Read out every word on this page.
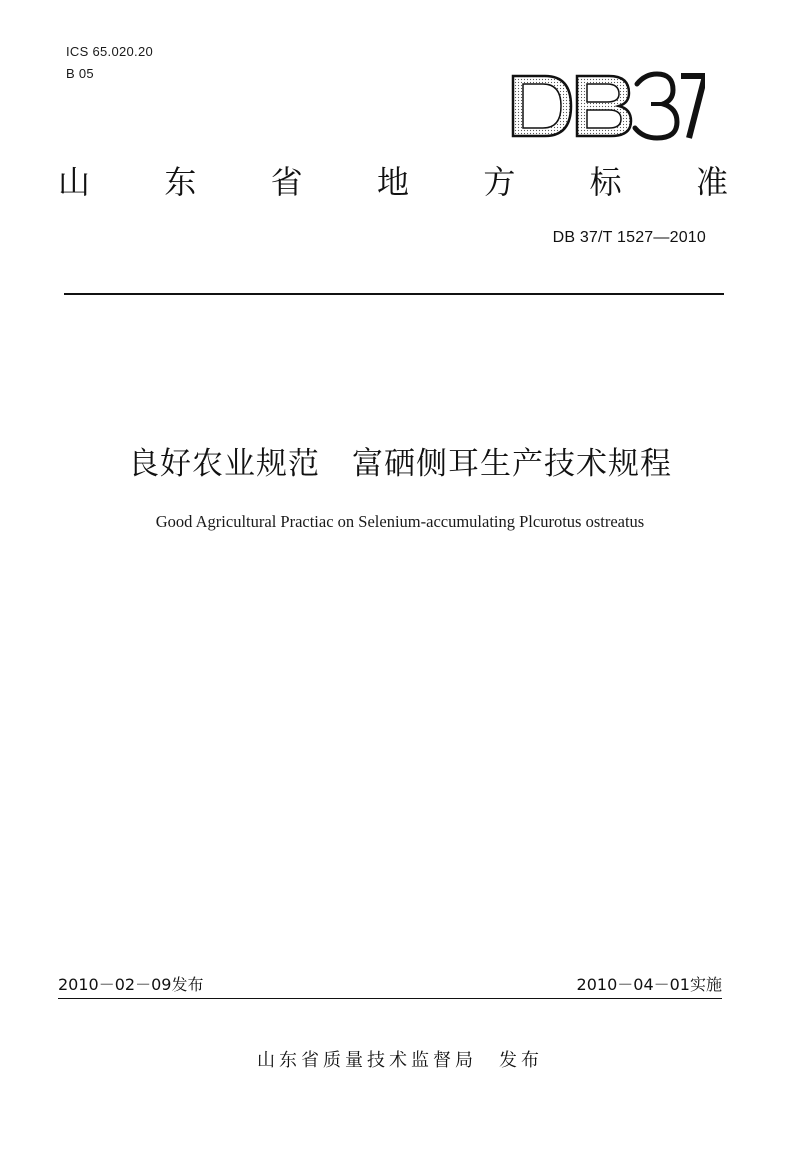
ICS 65.020.20
B 05
山 东 省 地 方 标 准
DB 37/T 1527—2010
良好农业规范　富硒侧耳生产技术规程
Good Agricultural Practiac on Selenium-accumulating Plcurotus ostreatus
2010－02－09发布	2010－04－01实施
山东省质量技术监督局　发布
